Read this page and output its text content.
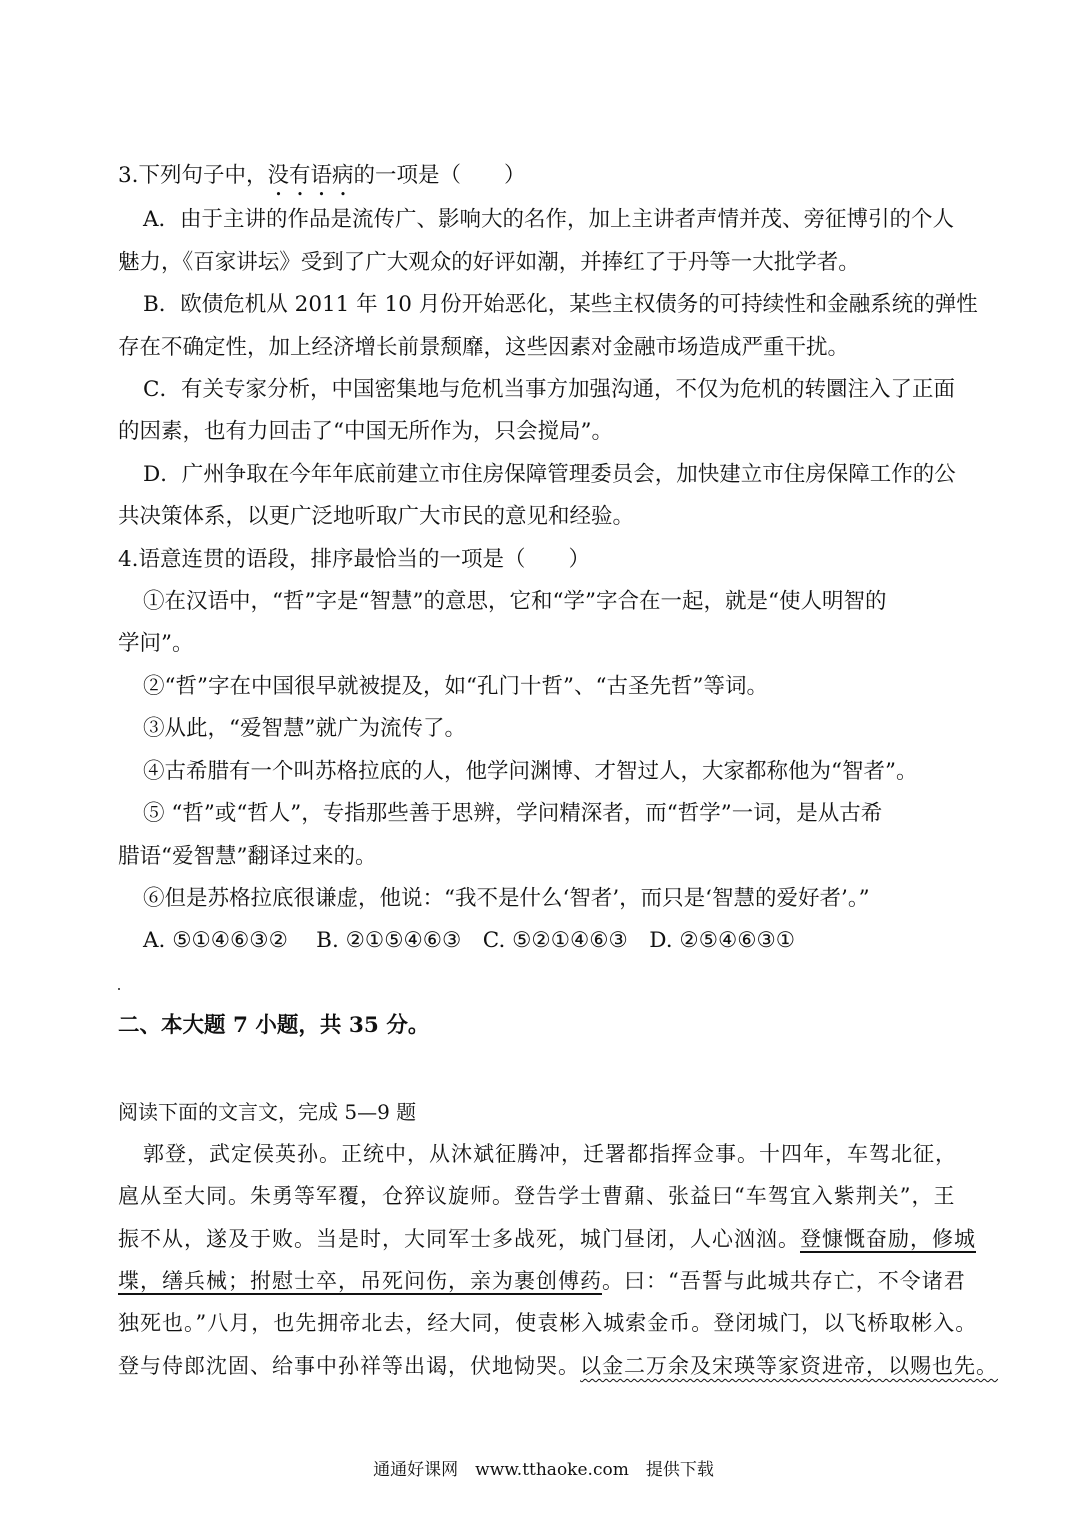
3.下列句子中，没有语病的一项是（　　）
A．由于主讲的作品是流传广、影响大的名作，加上主讲者声情并茂、旁征博引的个人
魅力，《百家讲坛》受到了广大观众的好评如潮，并捧红了于丹等一大批学者。
B．欧债危机从 2011 年 10 月份开始恶化，某些主权债务的可持续性和金融系统的弹性
存在不确定性，加上经济增长前景颓靡，这些因素对金融市场造成严重干扰。
C．有关专家分析，中国密集地与危机当事方加强沟通，不仅为危机的转圜注入了正面
的因素，也有力回击了“中国无所作为，只会搅局”。
D．广州争取在今年年底前建立市住房保障管理委员会，加快建立市住房保障工作的公
共决策体系，以更广泛地听取广大市民的意见和经验。
4.语意连贯的语段，排序最恰当的一项是（　　）
①在汉语中，“哲”字是“智慧”的意思，它和“学”字合在一起，就是“使人明智的
学问”。
②“哲”字在中国很早就被提及，如“孔门十哲”、“古圣先哲”等词。
③从此，“爱智慧”就广为流传了。
④古希腊有一个叫苏格拉底的人，他学问渊博、才智过人，大家都称他为“智者”。
⑤ “哲”或“哲人”，专指那些善于思辨，学问精深者，而“哲学”一词，是从古希
腊语“爱智慧”翻译过来的。
⑥但是苏格拉底很谦虚，他说：“我不是什么‘智者’，而只是‘智慧的爱好者’。”
A. ⑤①④⑥③②　 B. ②①⑤④⑥③　C. ⑤②①④⑥③　D. ②⑤④⑥③①
二、本大题 7 小题，共 35 分。
阅读下面的文言文，完成 5—9 题
郭登，武定侯英孙。正统中，从沐斌征腾冲，迁署都指挥佥事。十四年，车驾北征，
扈从至大同。朱勇等军覆，仓猝议旋师。登告学士曹鼐、张益曰“车驾宜入紫荆关”，王
振不从，遂及于败。当是时，大同军士多战死，城门昼闭，人心汹汹。登慷慨奋励，修城
堞，缮兵械；拊慰士卒，吊死问伤，亲为裹创傅药。曰：“吾誓与此城共存亡，不令诸君
独死也。”八月，也先拥帝北去，经大同，使袁彬入城索金币。登闭城门，以飞桥取彬入。
登与侍郎沈固、给事中孙祥等出谒，伏地恸哭。以金二万余及宋瑛等家资进帝，以赐也先。
通通好课网　www.tthaoke.com　提供下载
